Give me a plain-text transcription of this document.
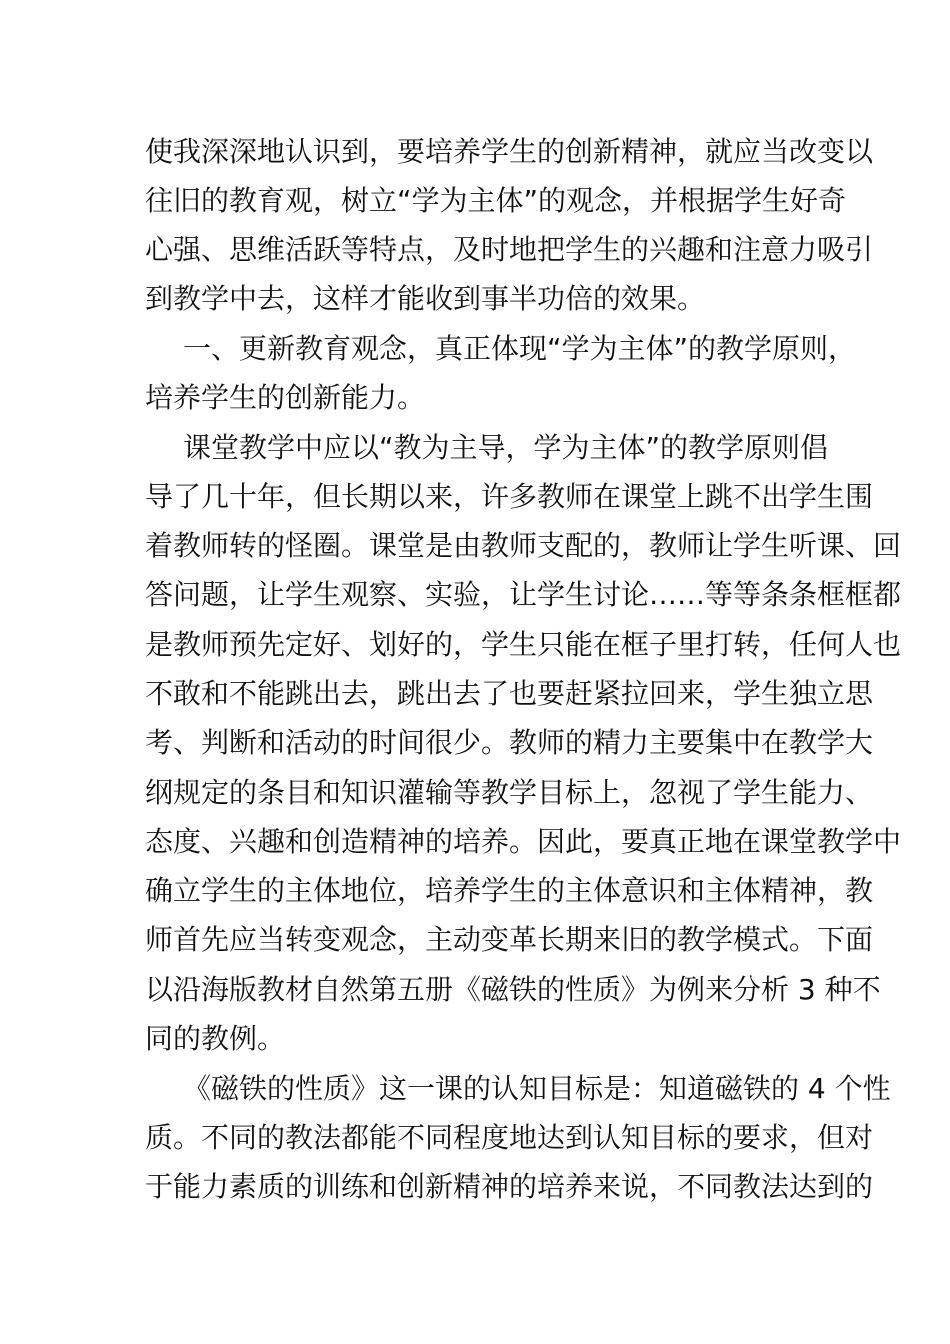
使我深深地认识到，要培养学生的创新精神，就应当改变以
往旧的教育观，树立“学为主体”的观念，并根据学生好奇
心强、思维活跃等特点，及时地把学生的兴趣和注意力吸引
到教学中去，这样才能收到事半功倍的效果。
一、更新教育观念，真正体现“学为主体”的教学原则，
培养学生的创新能力。
课堂教学中应以“教为主导，学为主体”的教学原则倡
导了几十年，但长期以来，许多教师在课堂上跳不出学生围
着教师转的怪圈。课堂是由教师支配的，教师让学生听课、回
答问题，让学生观察、实验，让学生讨论……等等条条框框都
是教师预先定好、划好的，学生只能在框子里打转，任何人也
不敢和不能跳出去，跳出去了也要赶紧拉回来，学生独立思
考、判断和活动的时间很少。教师的精力主要集中在教学大
纲规定的条目和知识灌输等教学目标上，忽视了学生能力、
态度、兴趣和创造精神的培养。因此，要真正地在课堂教学中
确立学生的主体地位，培养学生的主体意识和主体精神，教
师首先应当转变观念，主动变革长期来旧的教学模式。下面
以沿海版教材自然第五册《磁铁的性质》为例来分析 3 种不
同的教例。
《磁铁的性质》这一课的认知目标是：知道磁铁的 4 个性
质。不同的教法都能不同程度地达到认知目标的要求，但对
于能力素质的训练和创新精神的培养来说，不同教法达到的
